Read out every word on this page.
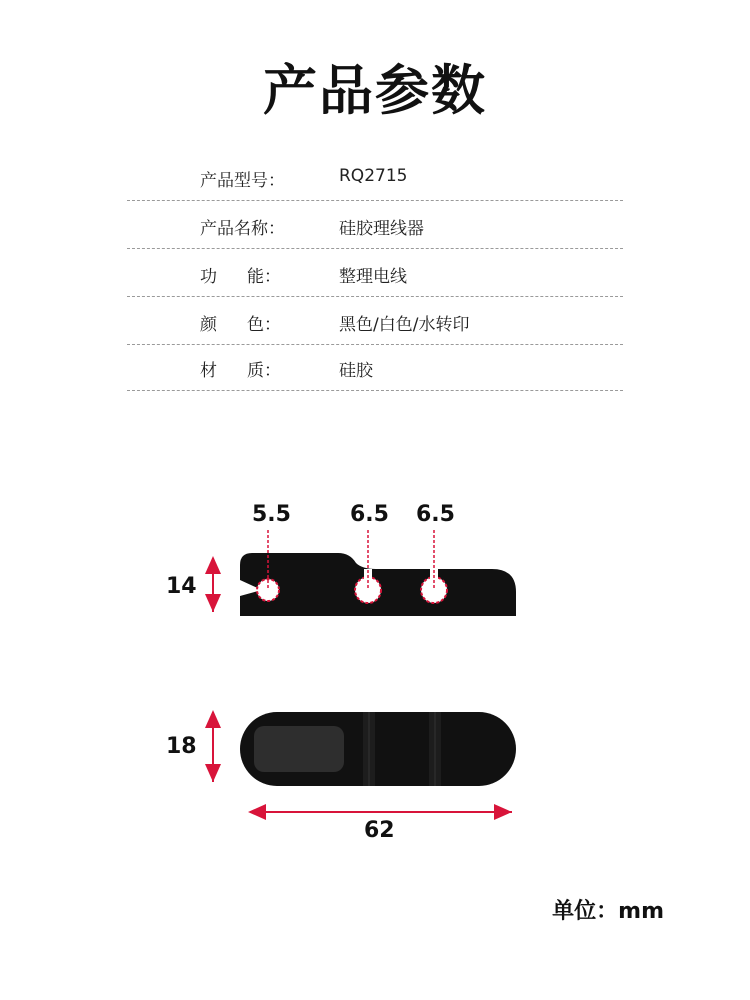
产品参数
产品型号：	RQ2715
产品名称：	硅胶理线器
功 能：	整理电线
颜 色：	黑色/白色/水转印
材 质：	硅胶
5.5	6.5 6.5
14
18
62
单位：mm
